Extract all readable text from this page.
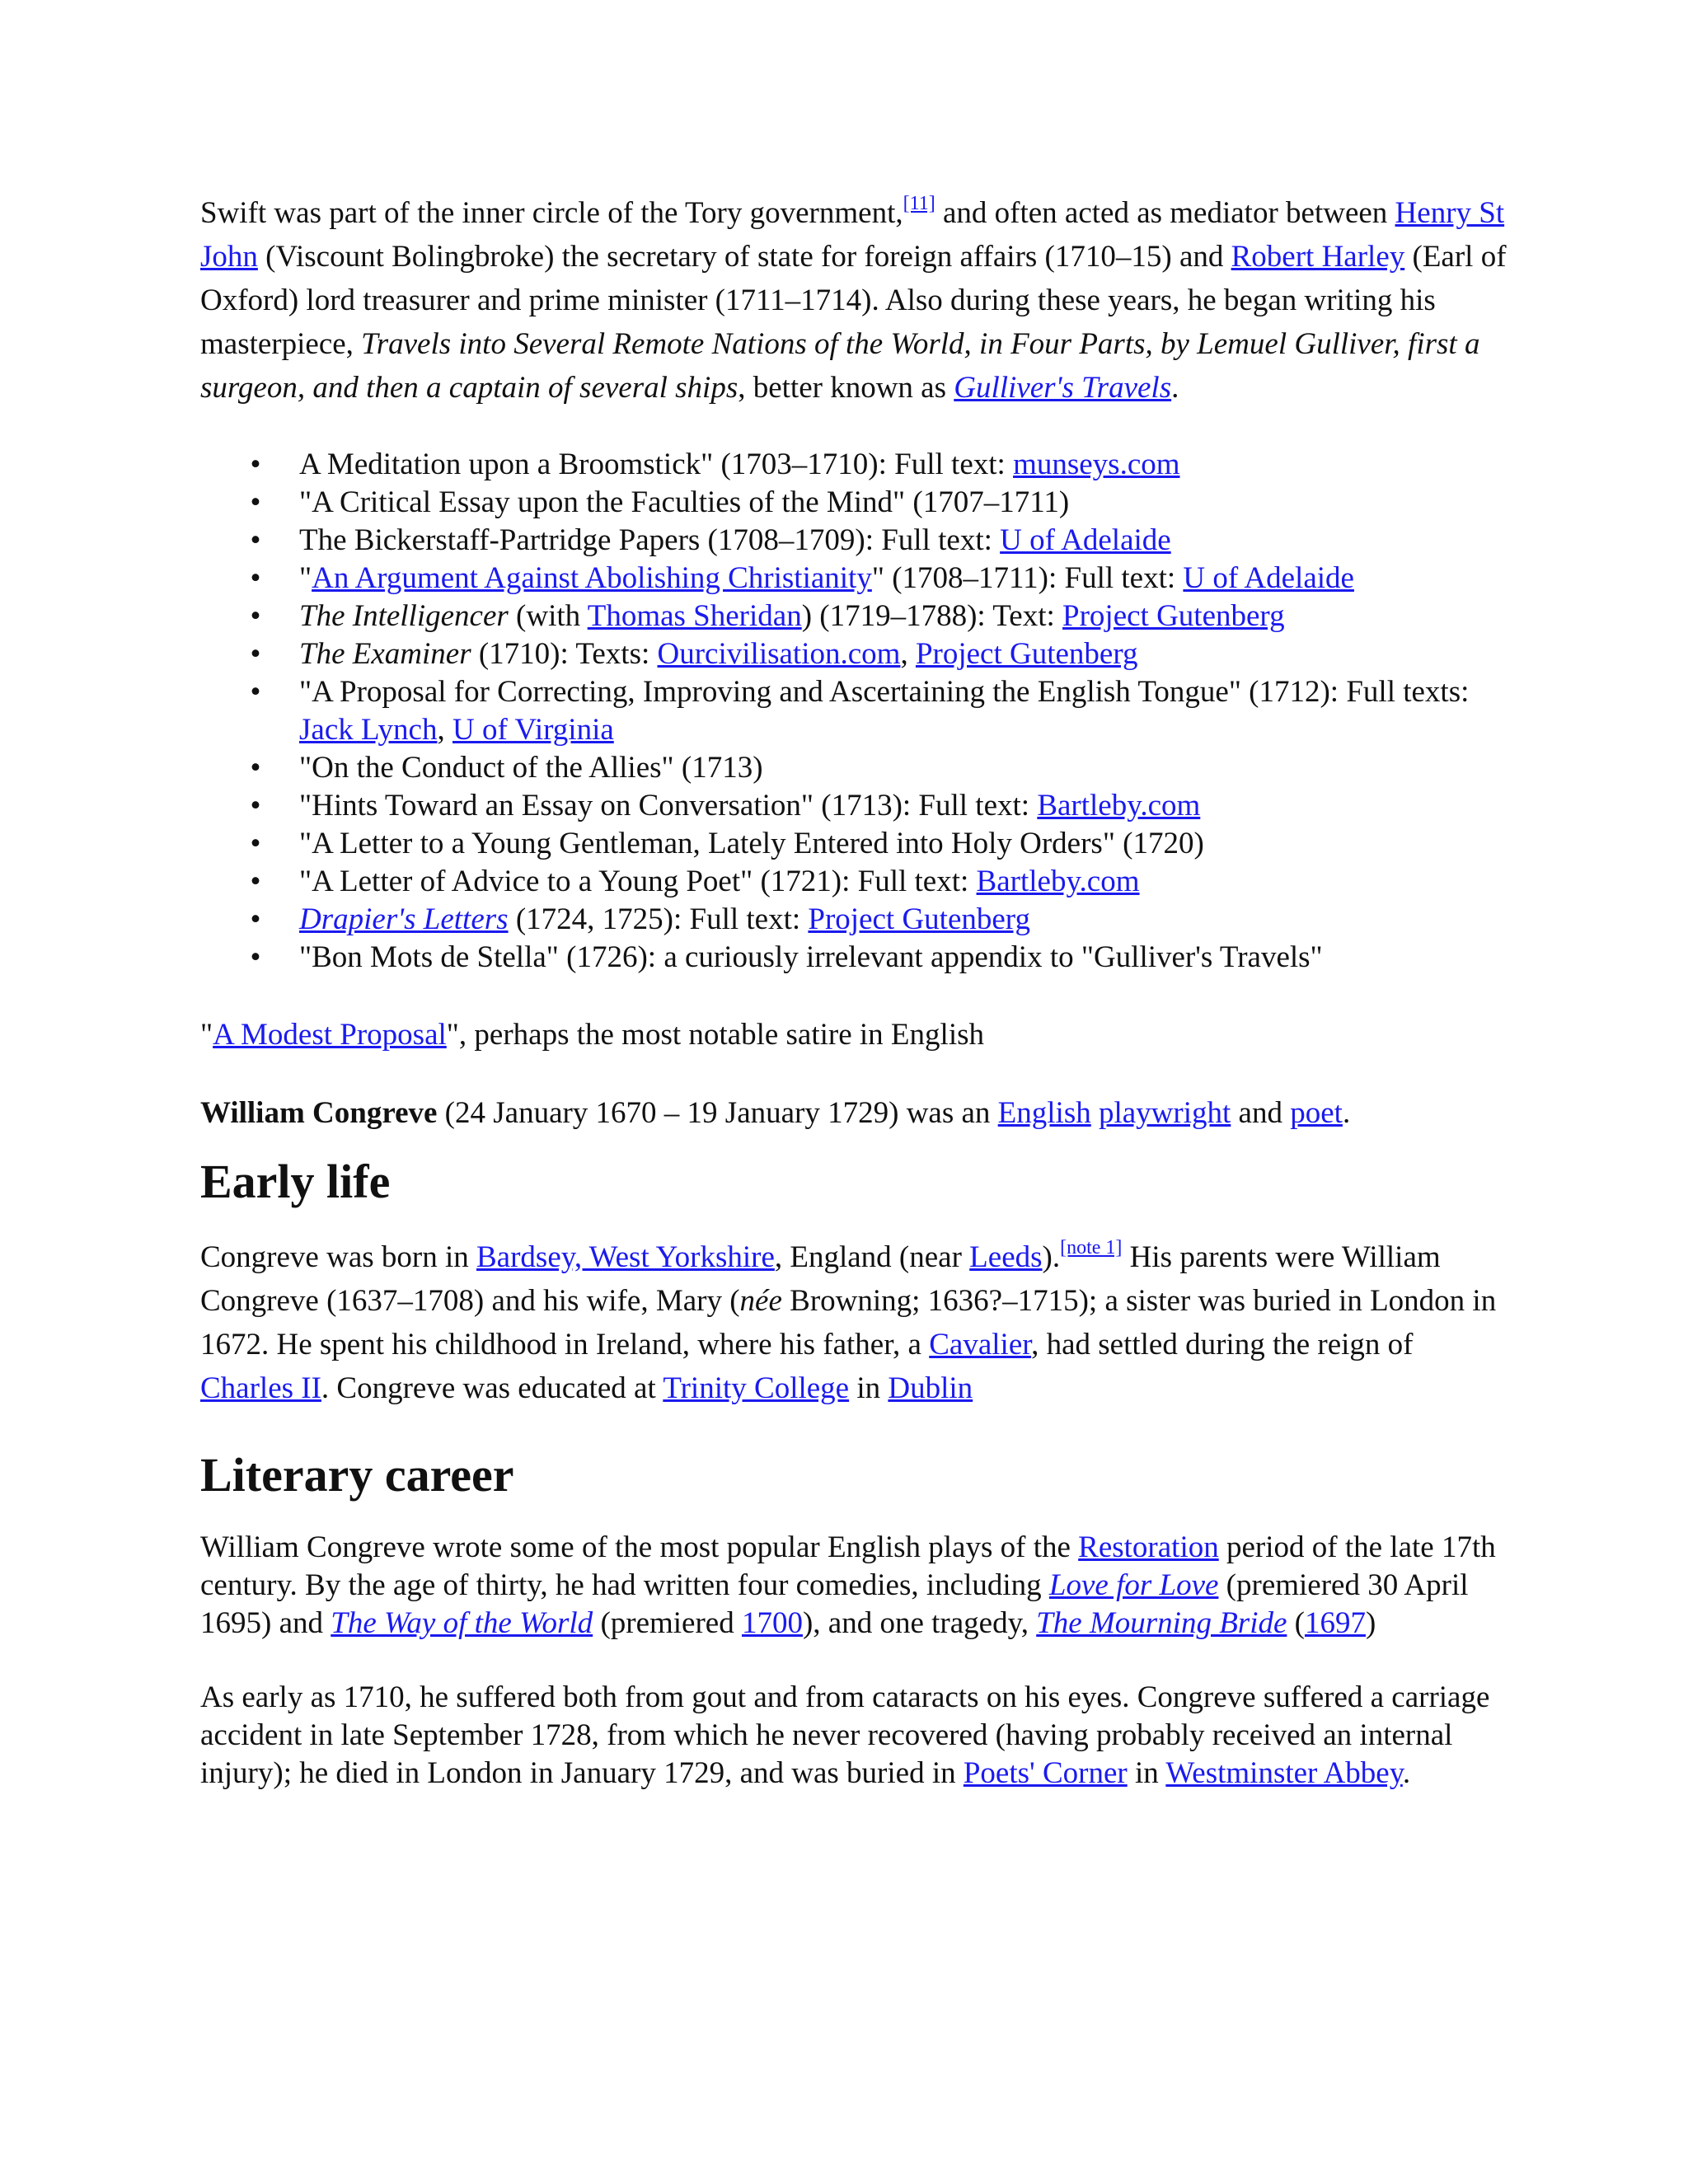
Swift was part of the inner circle of the Tory government,[11] and often acted as mediator between Henry St John (Viscount Bolingbroke) the secretary of state for foreign affairs (1710–15) and Robert Harley (Earl of Oxford) lord treasurer and prime minister (1711–1714). Also during these years, he began writing his masterpiece, Travels into Several Remote Nations of the World, in Four Parts, by Lemuel Gulliver, first a surgeon, and then a captain of several ships, better known as Gulliver's Travels.

• A Meditation upon a Broomstick" (1703–1710): Full text: munseys.com
• "A Critical Essay upon the Faculties of the Mind" (1707–1711)
• The Bickerstaff-Partridge Papers (1708–1709): Full text: U of Adelaide
• "An Argument Against Abolishing Christianity" (1708–1711): Full text: U of Adelaide
• The Intelligencer (with Thomas Sheridan) (1719–1788): Text: Project Gutenberg
• The Examiner (1710): Texts: Ourcivilisation.com, Project Gutenberg
• "A Proposal for Correcting, Improving and Ascertaining the English Tongue" (1712): Full texts: Jack Lynch, U of Virginia
• "On the Conduct of the Allies" (1713)
• "Hints Toward an Essay on Conversation" (1713): Full text: Bartleby.com
• "A Letter to a Young Gentleman, Lately Entered into Holy Orders" (1720)
• "A Letter of Advice to a Young Poet" (1721): Full text: Bartleby.com
• Drapier's Letters (1724, 1725): Full text: Project Gutenberg
• "Bon Mots de Stella" (1726): a curiously irrelevant appendix to "Gulliver's Travels"

"A Modest Proposal", perhaps the most notable satire in English

William Congreve (24 January 1670 – 19 January 1729) was an English playwright and poet.

Early life

Congreve was born in Bardsey, West Yorkshire, England (near Leeds).[note 1] His parents were William Congreve (1637–1708) and his wife, Mary (née Browning; 1636?–1715); a sister was buried in London in 1672. He spent his childhood in Ireland, where his father, a Cavalier, had settled during the reign of Charles II. Congreve was educated at Trinity College in Dublin

Literary career

William Congreve wrote some of the most popular English plays of the Restoration period of the late 17th century. By the age of thirty, he had written four comedies, including Love for Love (premiered 30 April 1695) and The Way of the World (premiered 1700), and one tragedy, The Mourning Bride (1697)

As early as 1710, he suffered both from gout and from cataracts on his eyes. Congreve suffered a carriage accident in late September 1728, from which he never recovered (having probably received an internal injury); he died in London in January 1729, and was buried in Poets' Corner in Westminster Abbey.
